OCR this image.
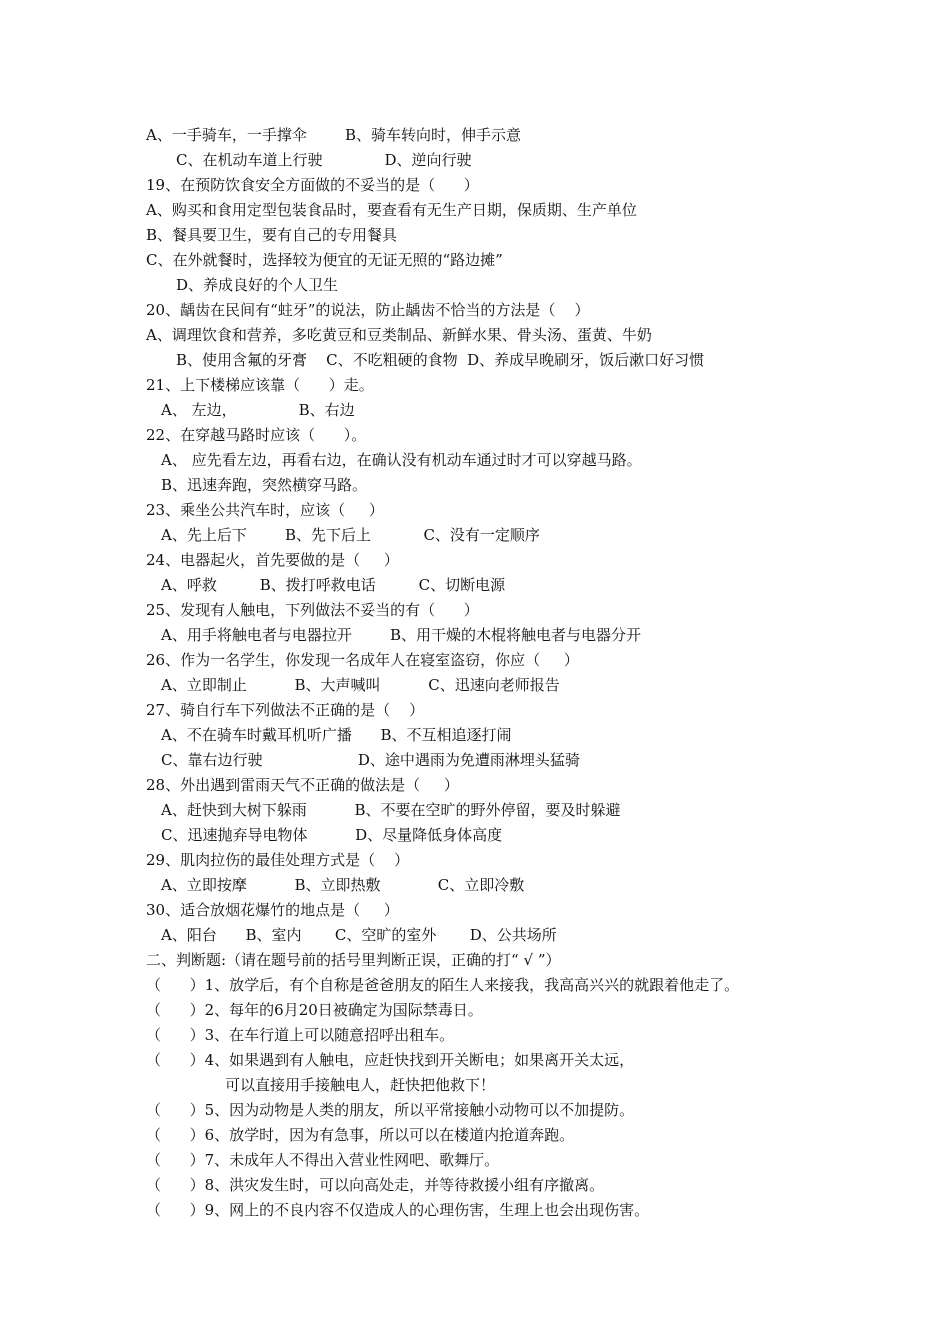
A、一手骑车，一手撑伞        B、骑车转向时，伸手示意
C、在机动车道上行驶             D、逆向行驶
19、在预防饮食安全方面做的不妥当的是（      ）
A、购买和食用定型包装食品时，要查看有无生产日期，保质期、生产单位
B、餐具要卫生，要有自己的专用餐具
C、在外就餐时，选择较为便宜的无证无照的“路边摊”
D、养成良好的个人卫生
20、龋齿在民间有“蛀牙”的说法，防止龋齿不恰当的方法是（    ）
A、调理饮食和营养，多吃黄豆和豆类制品、新鲜水果、骨头汤、蛋黄、牛奶
B、使用含氟的牙膏    C、不吃粗硬的食物  D、养成早晚刷牙，饭后漱口好习惯
21、上下楼梯应该靠（      ）走。
A、 左边，             B、右边
22、在穿越马路时应该（      ）。
A、 应先看左边，再看右边，在确认没有机动车通过时才可以穿越马路。
B、迅速奔跑，突然横穿马路。
23、乘坐公共汽车时，应该（     ）
A、先上后下        B、先下后上           C、没有一定顺序
24、电器起火，首先要做的是（     ）
A、呼救         B、拨打呼救电话         C、切断电源
25、发现有人触电，下列做法不妥当的有（      ）
A、用手将触电者与电器拉开        B、用干燥的木棍将触电者与电器分开
26、作为一名学生，你发现一名成年人在寝室盗窃，你应（     ）
A、立即制止          B、大声喊叫          C、迅速向老师报告
27、骑自行车下列做法不正确的是（    ）
A、不在骑车时戴耳机听广播      B、不互相追逐打闹
C、靠右边行驶                    D、途中遇雨为免遭雨淋埋头猛骑
28、外出遇到雷雨天气不正确的做法是（     ）
A、赶快到大树下躲雨          B、不要在空旷的野外停留，要及时躲避
C、迅速抛弃导电物体          D、尽量降低身体高度
29、肌肉拉伤的最佳处理方式是（    ）
A、立即按摩          B、立即热敷            C、立即冷敷
30、适合放烟花爆竹的地点是（     ）
A、阳台      B、室内       C、空旷的室外       D、公共场所
二、判断题:（请在题号前的括号里判断正误，正确的打“ √ ”）
（      ）1、放学后，有个自称是爸爸朋友的陌生人来接我，我高高兴兴的就跟着他走了。
（      ）2、每年的6月20日被确定为国际禁毒日。
（      ）3、在车行道上可以随意招呼出租车。
（      ）4、如果遇到有人触电，应赶快找到开关断电；如果离开关太远，
可以直接用手接触电人，赶快把他救下！
（      ）5、因为动物是人类的朋友，所以平常接触小动物可以不加提防。
（      ）6、放学时，因为有急事，所以可以在楼道内抢道奔跑。
（      ）7、未成年人不得出入营业性网吧、歌舞厅。
（      ）8、洪灾发生时，可以向高处走，并等待救援小组有序撤离。
（      ）9、网上的不良内容不仅造成人的心理伤害，生理上也会出现伤害。
